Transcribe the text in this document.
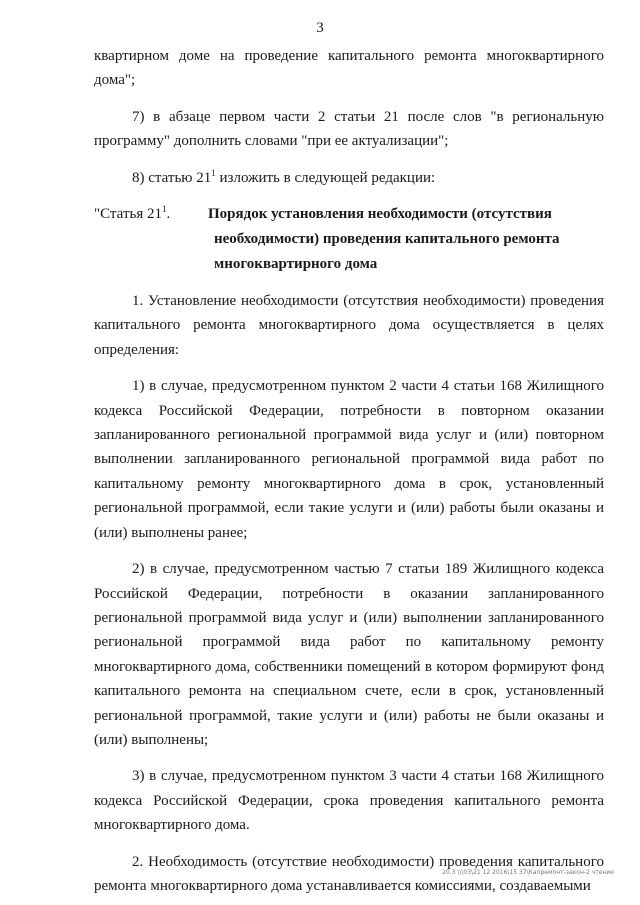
3

квартирном доме на проведение капитального ремонта многоквартирного дома";

7) в абзаце первом части 2 статьи 21 после слов "в региональную программу" дополнить словами "при ее актуализации";

8) статью $21^1$ изложить в следующей редакции:

"Статья $21^1$.	Порядок установления необходимости (отсутствия необходимости) проведения капитального ремонта многоквартирного дома

1. Установление необходимости (отсутствия необходимости) проведения капитального ремонта многоквартирного дома осуществляется в целях определения:

1) в случае, предусмотренном пунктом 2 части 4 статьи 168 Жилищного кодекса Российской Федерации, потребности в повторном оказании запланированного региональной программой вида услуг и (или) повторном выполнении запланированного региональной программой вида работ по капитальному ремонту многоквартирного дома в срок, установленный региональной программой, если такие услуги и (или) работы были оказаны и (или) выполнены ранее;

2) в случае, предусмотренном частью 7 статьи 189 Жилищного кодекса Российской Федерации, потребности в оказании запланированного региональной программой вида услуг и (или) выполнении запланированного региональной программой вида работ по капитальному ремонту многоквартирного дома, собственники помещений в котором формируют фонд капитального ремонта на специальном счете, если в срок, установленный региональной программой, такие услуги и (или) работы не были оказаны и (или) выполнены;

3) в случае, предусмотренном пунктом 3 части 4 статьи 168 Жилищного кодекса Российской Федерации, срока проведения капитального ремонта многоквартирного дома.

2. Необходимость (отсутствие необходимости) проведения капитального ремонта многоквартирного дома устанавливается комиссиями, создаваемыми

20.3 \\\03\21 12 2016\15 37\Капремонт-закон-2 чтение
